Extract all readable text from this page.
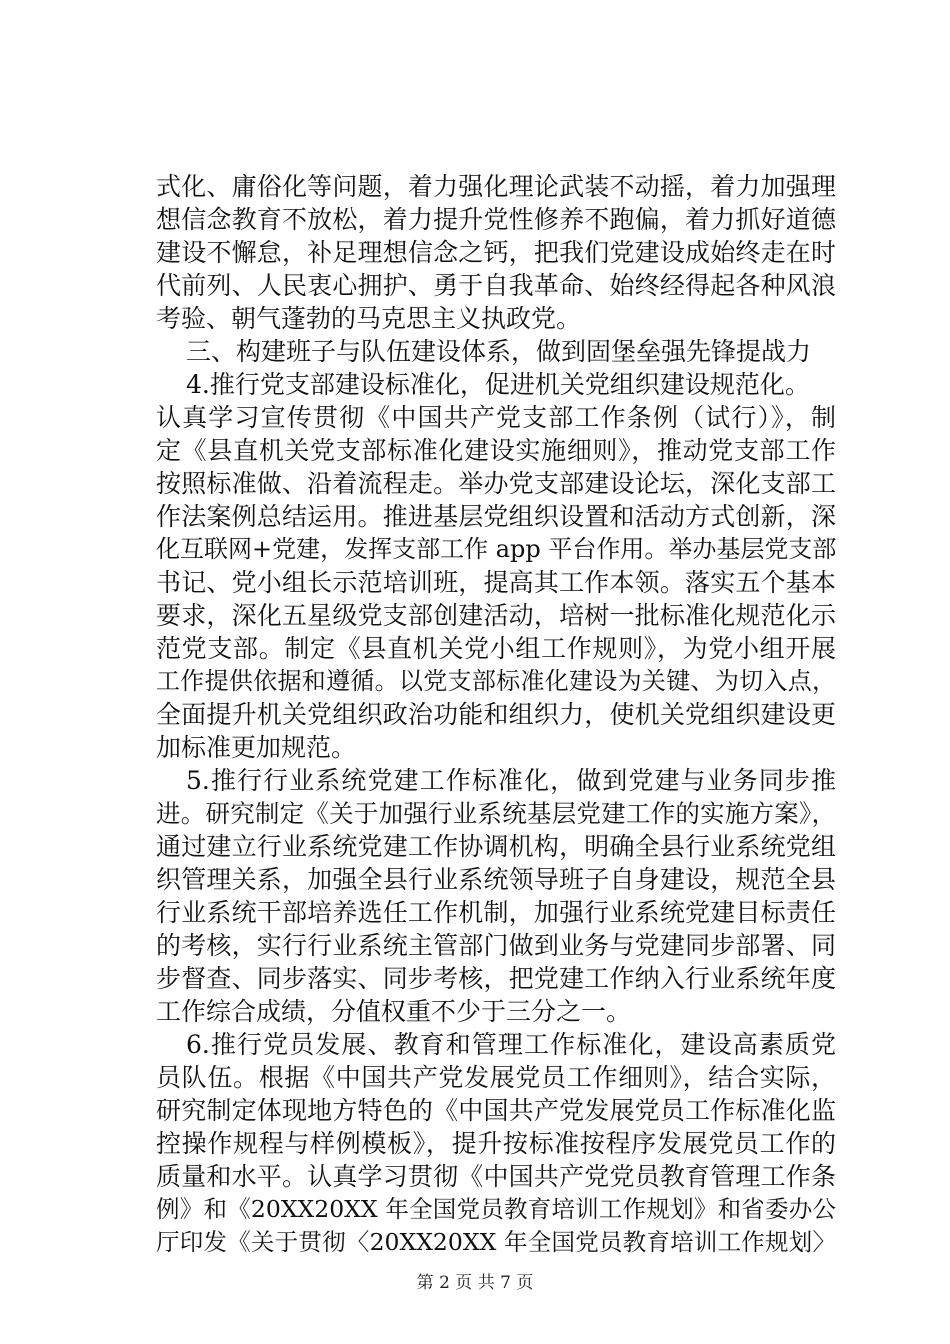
式化、庸俗化等问题，着力强化理论武装不动摇，着力加强理
想信念教育不放松，着力提升党性修养不跑偏，着力抓好道德
建设不懈怠，补足理想信念之钙，把我们党建设成始终走在时
代前列、人民衷心拥护、勇于自我革命、始终经得起各种风浪
考验、朝气蓬勃的马克思主义执政党。
三、构建班子与队伍建设体系，做到固堡垒强先锋提战力
4.推行党支部建设标准化，促进机关党组织建设规范化。
认真学习宣传贯彻《中国共产党支部工作条例（试行）》，制
定《县直机关党支部标准化建设实施细则》，推动党支部工作
按照标准做、沿着流程走。举办党支部建设论坛，深化支部工
作法案例总结运用。推进基层党组织设置和活动方式创新，深
化互联网+党建，发挥支部工作 app 平台作用。举办基层党支部
书记、党小组长示范培训班，提高其工作本领。落实五个基本
要求，深化五星级党支部创建活动，培树一批标准化规范化示
范党支部。制定《县直机关党小组工作规则》，为党小组开展
工作提供依据和遵循。以党支部标准化建设为关键、为切入点，
全面提升机关党组织政治功能和组织力，使机关党组织建设更
加标准更加规范。
5.推行行业系统党建工作标准化，做到党建与业务同步推
进。研究制定《关于加强行业系统基层党建工作的实施方案》，
通过建立行业系统党建工作协调机构，明确全县行业系统党组
织管理关系，加强全县行业系统领导班子自身建设，规范全县
行业系统干部培养选任工作机制，加强行业系统党建目标责任
的考核，实行行业系统主管部门做到业务与党建同步部署、同
步督查、同步落实、同步考核，把党建工作纳入行业系统年度
工作综合成绩，分值权重不少于三分之一。
6.推行党员发展、教育和管理工作标准化，建设高素质党
员队伍。根据《中国共产党发展党员工作细则》，结合实际，
研究制定体现地方特色的《中国共产党发展党员工作标准化监
控操作规程与样例模板》，提升按标准按程序发展党员工作的
质量和水平。认真学习贯彻《中国共产党党员教育管理工作条
例》和《20XX20XX 年全国党员教育培训工作规划》和省委办公
厅印发《关于贯彻〈20XX20XX 年全国党员教育培训工作规划〉
第 2 页 共 7 页
